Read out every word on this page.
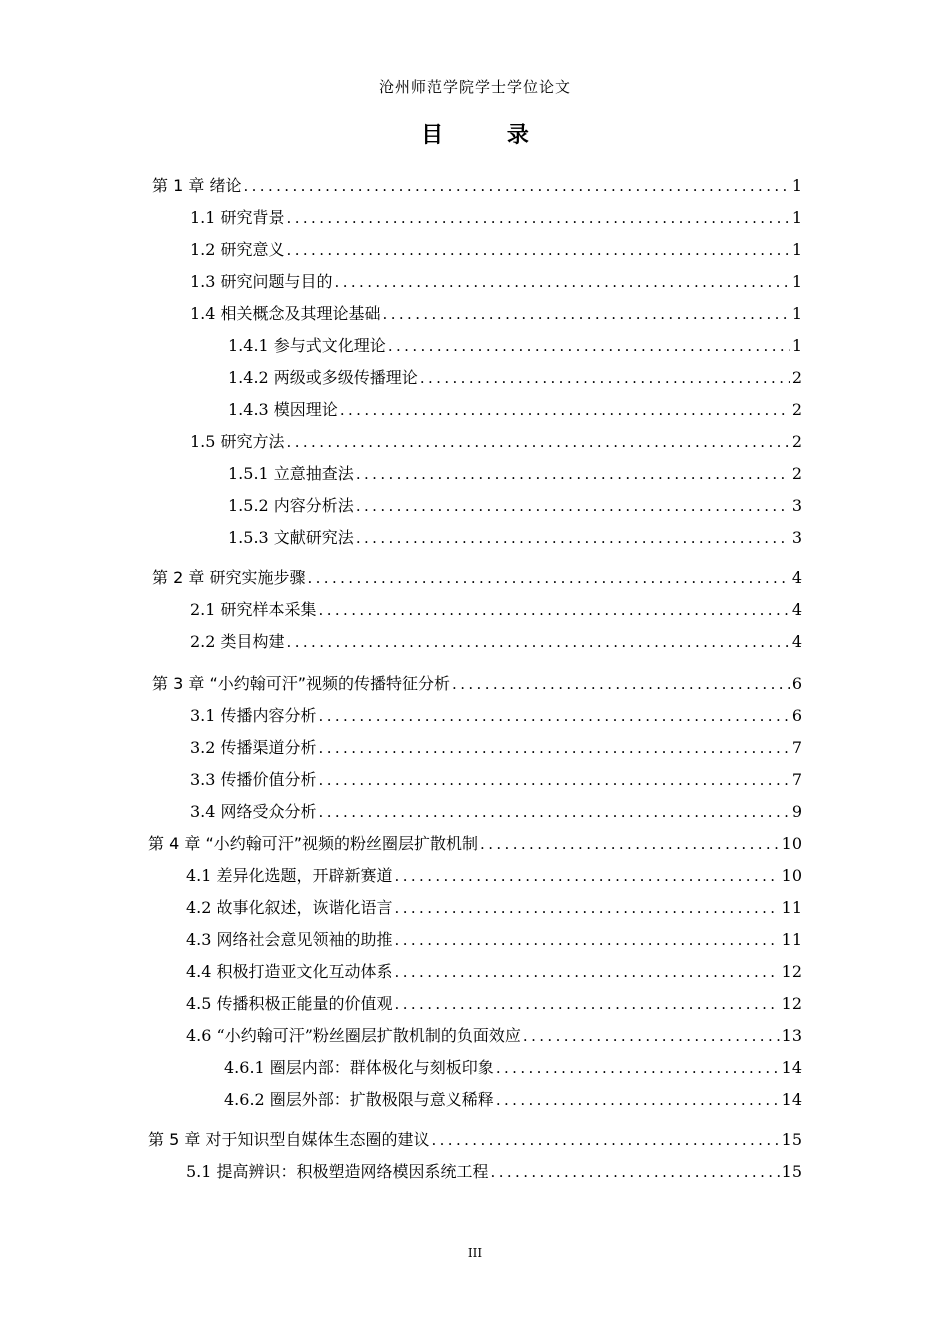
沧州师范学院学士学位论文
目 录
第 1 章 绪论 .....	1
1.1 研究背景 .....	1
1.2 研究意义 .....	1
1.3 研究问题与目的 .....	1
1.4 相关概念及其理论基础 .....	1
1.4.1 参与式文化理论 .....	1
1.4.2 两级或多级传播理论 .....	2
1.4.3 模因理论 .....	2
1.5 研究方法 .....	2
1.5.1 立意抽查法 .....	2
1.5.2 内容分析法 .....	3
1.5.3 文献研究法 .....	3
第 2 章 研究实施步骤 .....	4
2.1 研究样本采集 .....	4
2.2 类目构建 .....	4
第 3 章 “小约翰可汗”视频的传播特征分析 .....	6
3.1 传播内容分析 .....	6
3.2 传播渠道分析 .....	7
3.3 传播价值分析 .....	7
3.4 网络受众分析 .....	9
第 4 章 “小约翰可汗”视频的粉丝圈层扩散机制 .....	10
4.1 差异化选题，开辟新赛道 .....	10
4.2 故事化叙述，诙谐化语言 .....	11
4.3 网络社会意见领袖的助推 .....	11
4.4 积极打造亚文化互动体系 .....	12
4.5 传播积极正能量的价值观 .....	12
4.6 “小约翰可汗”粉丝圈层扩散机制的负面效应 .....	13
4.6.1 圈层内部：群体极化与刻板印象 .....	14
4.6.2 圈层外部：扩散极限与意义稀释 .....	14
第 5 章 对于知识型自媒体生态圈的建议 .....	15
5.1 提高辨识：积极塑造网络模因系统工程 .....	15
III
